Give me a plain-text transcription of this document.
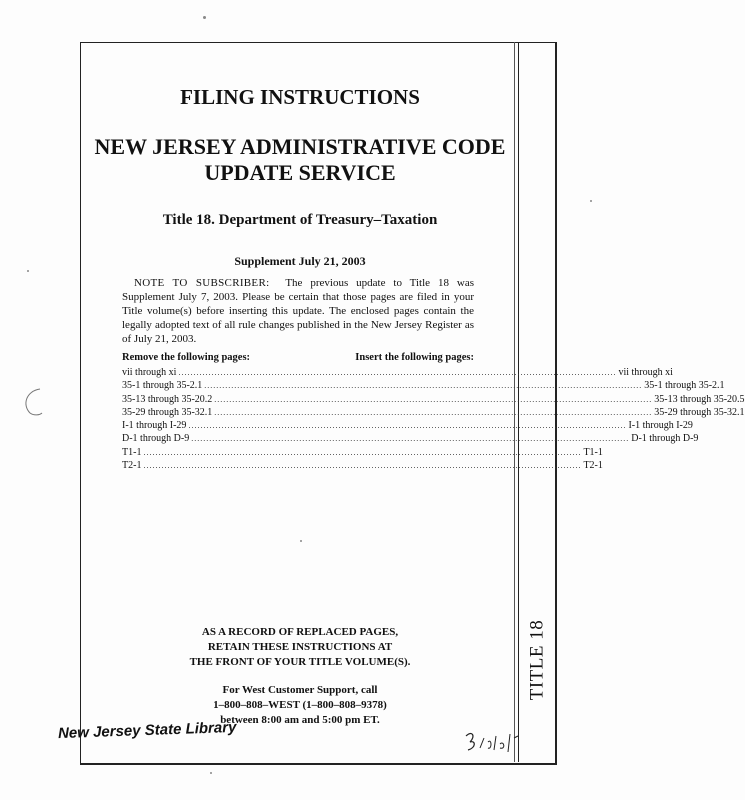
TITLE 18
FILING INSTRUCTIONS
NEW JERSEY ADMINISTRATIVE CODE
UPDATE SERVICE
Title 18. Department of Treasury–Taxation
Supplement July 21, 2003
NOTE TO SUBSCRIBER: The previous update to Title 18 was Supplement July 7, 2003. Please be certain that those pages are filed in your Title volume(s) before inserting this update. The enclosed pages contain the legally adopted text of all rule changes published in the New Jersey Register as of July 21, 2003.
Remove the following pages:	Insert the following pages:
vii through xi .................................................................................................................................................. vii through xi
35-1 through 35-2.1 .................................................................................................................................................. 35-1 through 35-2.1
35-13 through 35-20.2 .................................................................................................................................................. 35-13 through 35-20.5
35-29 through 35-32.1 .................................................................................................................................................. 35-29 through 35-32.1
I-1 through I-29 .................................................................................................................................................. I-1 through I-29
D-1 through D-9 .................................................................................................................................................. D-1 through D-9
T1-1 .................................................................................................................................................. T1-1
T2-1 .................................................................................................................................................. T2-1
AS A RECORD OF REPLACED PAGES,
RETAIN THESE INSTRUCTIONS AT
THE FRONT OF YOUR TITLE VOLUME(S).
For West Customer Support, call
1–800–808–WEST (1–800–808–9378)
between 8:00 am and 5:00 pm ET.
New Jersey State Library
